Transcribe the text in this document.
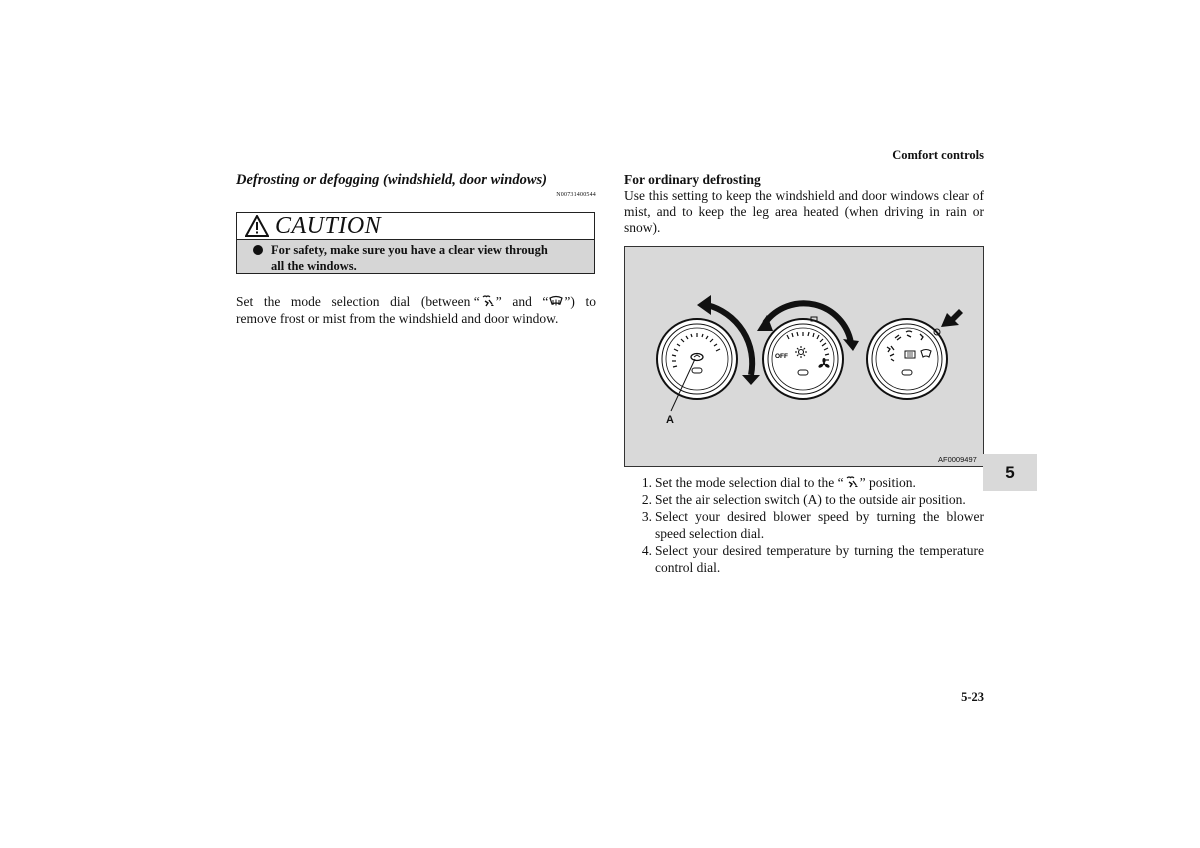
Comfort controls
Defrosting or defogging (windshield, door windows)
N00731400544
CAUTION
For safety, make sure you have a clear view through
all the windows.
Set the mode selection dial (between “ ” and “ ”) to
remove frost or mist from the windshield and door window.
For ordinary defrosting
Use this setting to keep the windshield and door windows clear of mist, and to keep the leg area heated (when driving in rain or snow).
OFF
A
AF0009497
1. Set the mode selection dial to the “ ” position.
2. Set the air selection switch (A) to the outside air position.
3. Select your desired blower speed by turning the blower speed selection dial.
4. Select your desired temperature by turning the temperature control dial.
5
5-23
